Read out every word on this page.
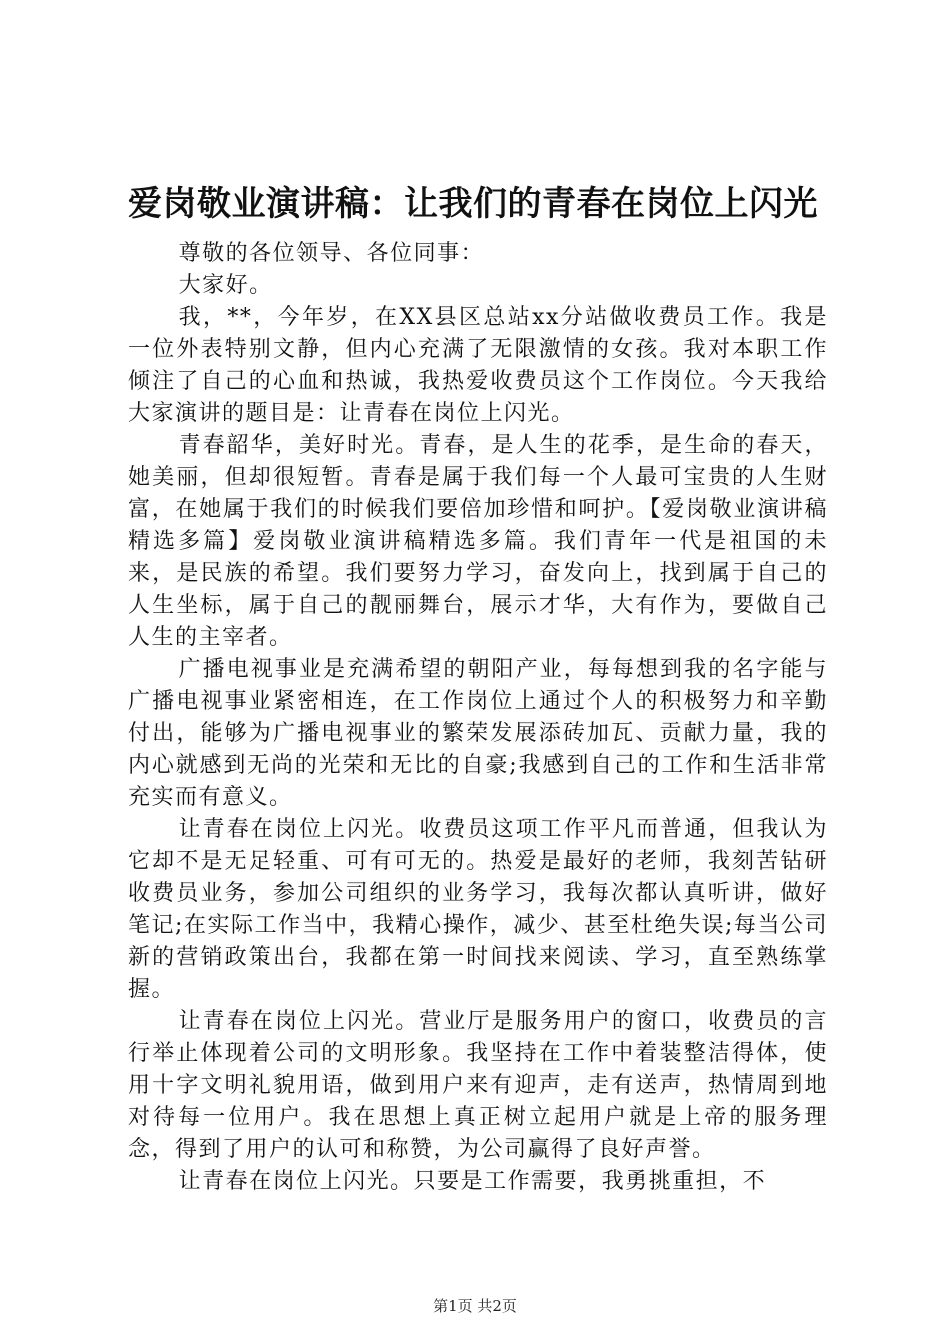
爱岗敬业演讲稿：让我们的青春在岗位上闪光

尊敬的各位领导、各位同事：

大家好。

我，**，今年岁，在XX县区总站xx分站做收费员工作。我是一位外表特别文静，但内心充满了无限激情的女孩。我对本职工作倾注了自己的心血和热诚，我热爱收费员这个工作岗位。今天我给大家演讲的题目是：让青春在岗位上闪光。

青春韶华，美好时光。青春，是人生的花季，是生命的春天，她美丽，但却很短暂。青春是属于我们每一个人最可宝贵的人生财富，在她属于我们的时候我们要倍加珍惜和呵护。【爱岗敬业演讲稿精选多篇】爱岗敬业演讲稿精选多篇。我们青年一代是祖国的未来，是民族的希望。我们要努力学习，奋发向上，找到属于自己的人生坐标，属于自己的靓丽舞台，展示才华，大有作为，要做自己人生的主宰者。

广播电视事业是充满希望的朝阳产业，每每想到我的名字能与广播电视事业紧密相连，在工作岗位上通过个人的积极努力和辛勤付出，能够为广播电视事业的繁荣发展添砖加瓦、贡献力量，我的内心就感到无尚的光荣和无比的自豪;我感到自己的工作和生活非常充实而有意义。

让青春在岗位上闪光。收费员这项工作平凡而普通，但我认为它却不是无足轻重、可有可无的。热爱是最好的老师，我刻苦钻研收费员业务，参加公司组织的业务学习，我每次都认真听讲，做好笔记;在实际工作当中，我精心操作，减少、甚至杜绝失误;每当公司新的营销政策出台，我都在第一时间找来阅读、学习，直至熟练掌握。

让青春在岗位上闪光。营业厅是服务用户的窗口，收费员的言行举止体现着公司的文明形象。我坚持在工作中着装整洁得体，使用十字文明礼貌用语，做到用户来有迎声，走有送声，热情周到地对待每一位用户。我在思想上真正树立起用户就是上帝的服务理念，得到了用户的认可和称赞，为公司赢得了良好声誉。

让青春在岗位上闪光。只要是工作需要，我勇挑重担，不

第1页 共2页
